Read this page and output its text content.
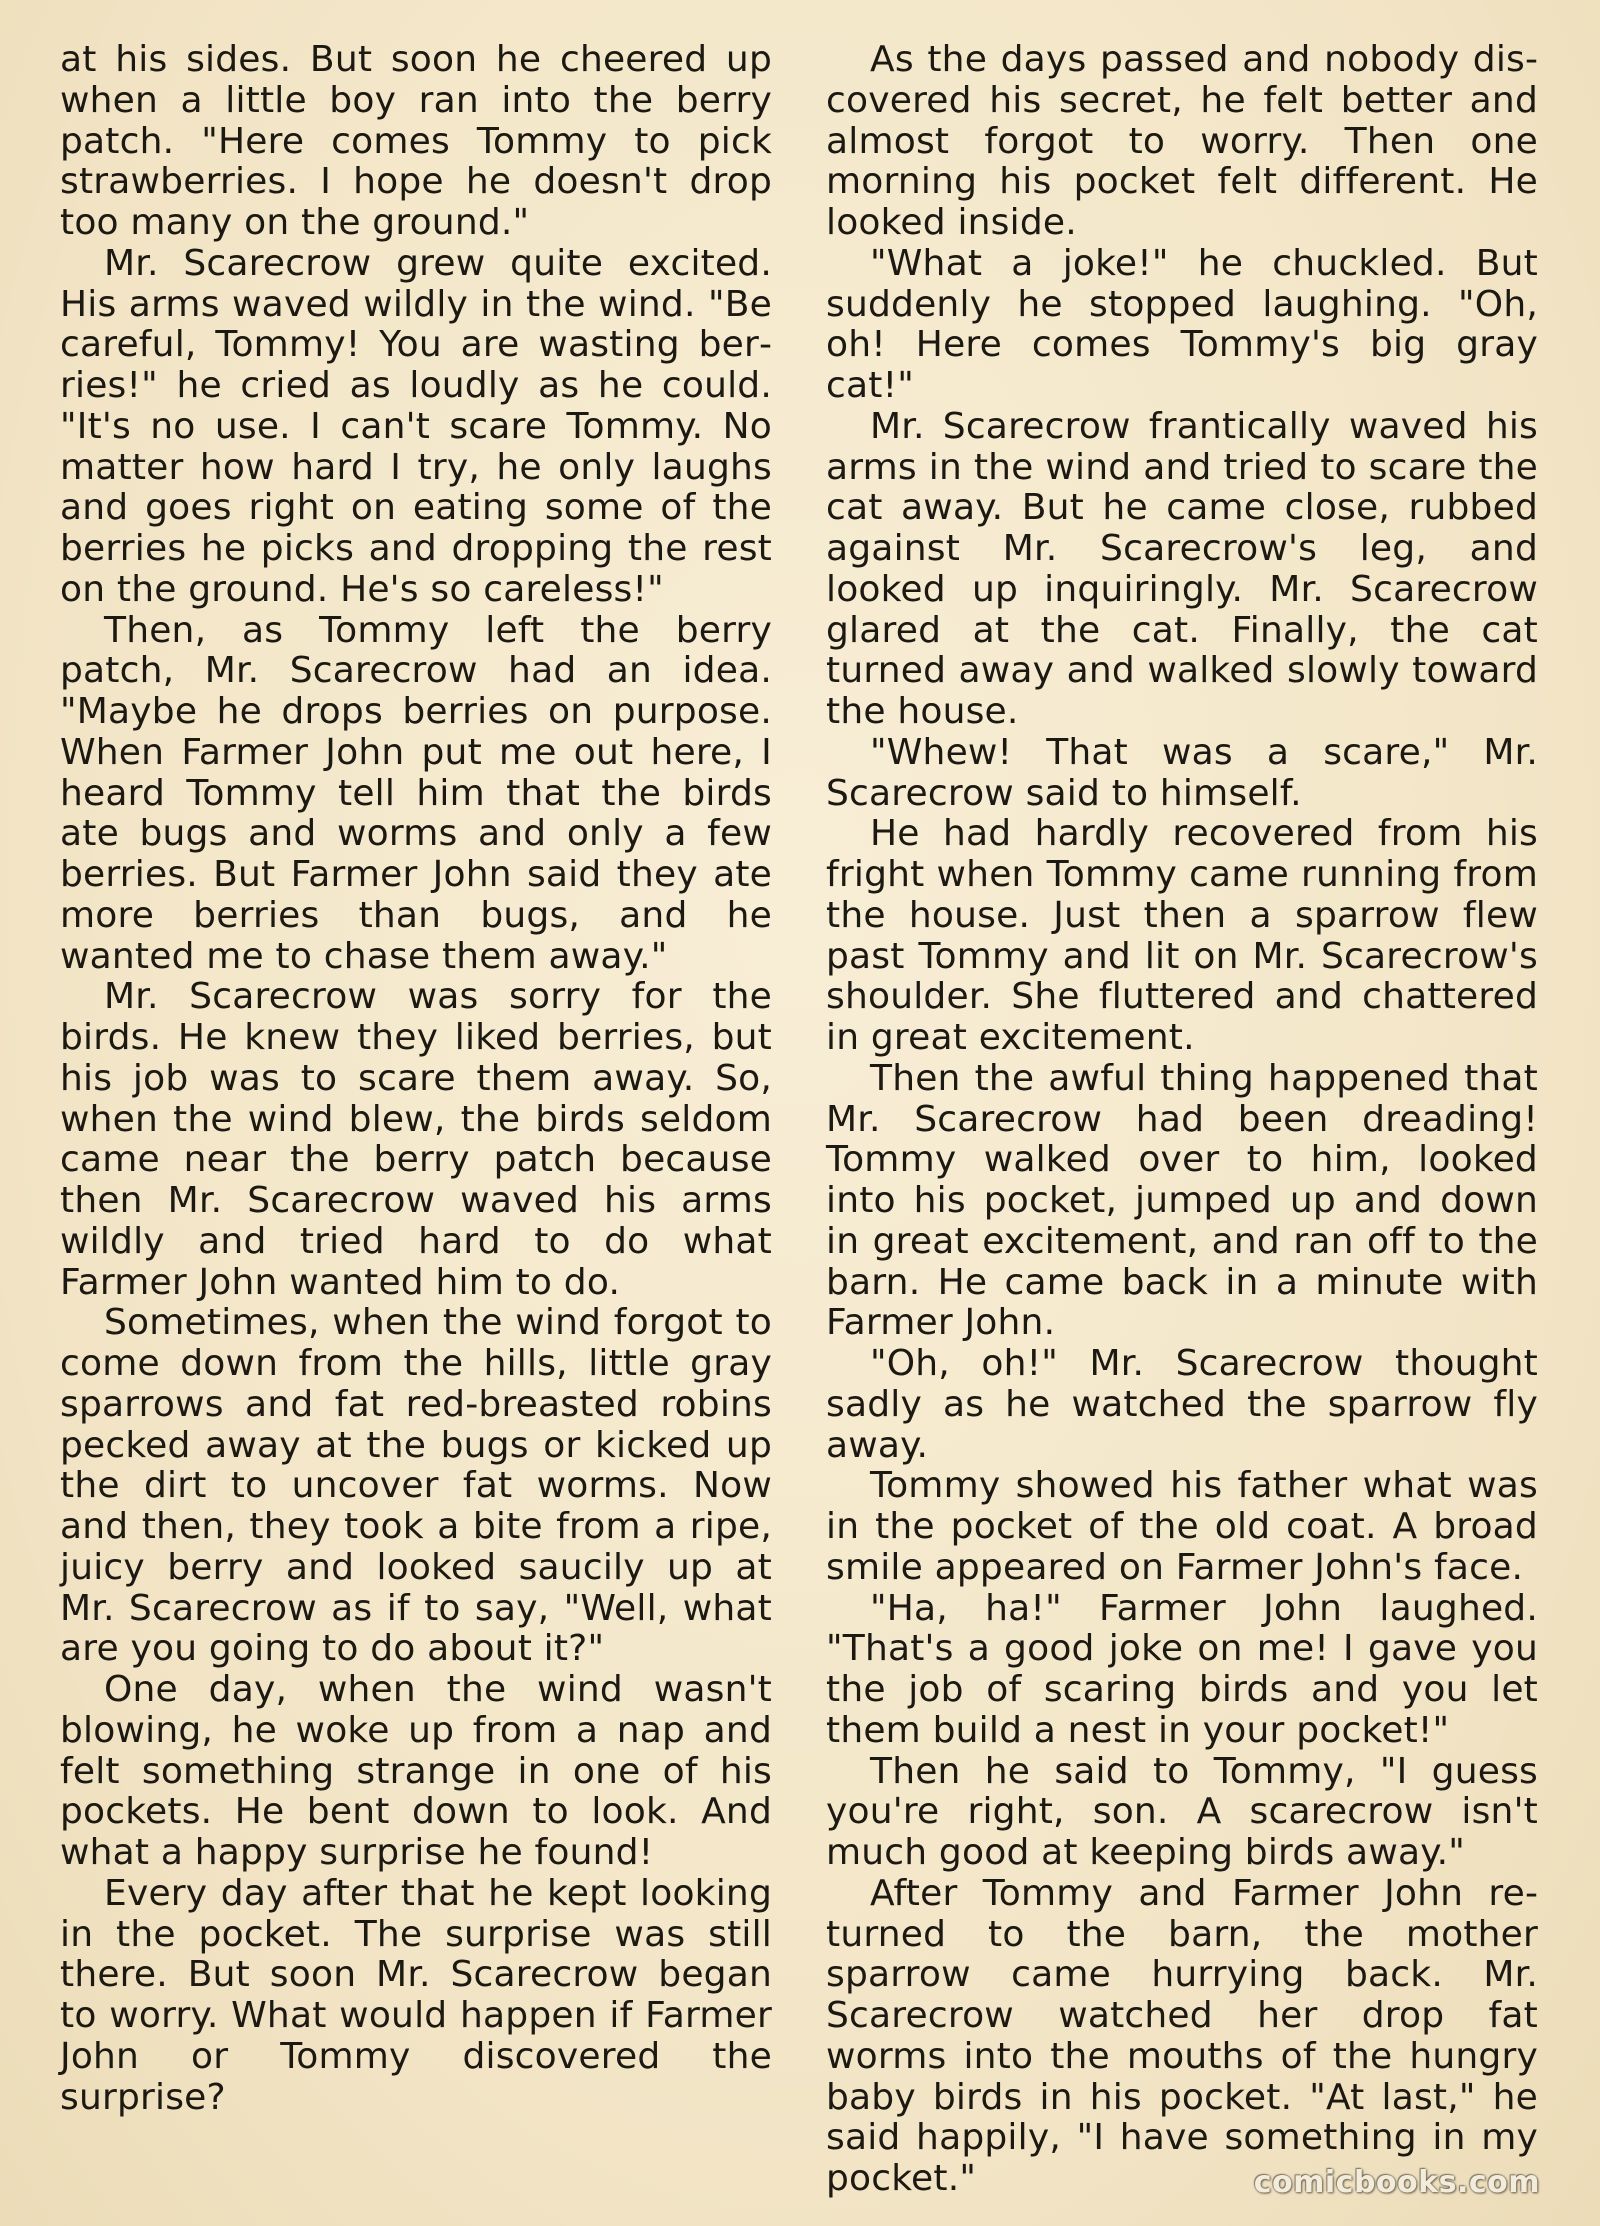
at his sides. But soon he cheered up when a little boy ran into the berry patch. "Here comes Tommy to pick strawberries. I hope he doesn't drop too many on the ground."

Mr. Scarecrow grew quite excited. His arms waved wildly in the wind. "Be careful, Tommy! You are wasting berries!" he cried as loudly as he could. "It's no use. I can't scare Tommy. No matter how hard I try, he only laughs and goes right on eating some of the berries he picks and dropping the rest on the ground. He's so careless!"

Then, as Tommy left the berry patch, Mr. Scarecrow had an idea. "Maybe he drops berries on purpose. When Farmer John put me out here, I heard Tommy tell him that the birds ate bugs and worms and only a few berries. But Farmer John said they ate more berries than bugs, and he wanted me to chase them away."

Mr. Scarecrow was sorry for the birds. He knew they liked berries, but his job was to scare them away. So, when the wind blew, the birds seldom came near the berry patch because then Mr. Scarecrow waved his arms wildly and tried hard to do what Farmer John wanted him to do.

Sometimes, when the wind forgot to come down from the hills, little gray sparrows and fat red-breasted robins pecked away at the bugs or kicked up the dirt to uncover fat worms. Now and then, they took a bite from a ripe, juicy berry and looked saucily up at Mr. Scarecrow as if to say, "Well, what are you going to do about it?"

One day, when the wind wasn't blowing, he woke up from a nap and felt something strange in one of his pockets. He bent down to look. And what a happy surprise he found!

Every day after that he kept looking in the pocket. The surprise was still there. But soon Mr. Scarecrow began to worry. What would happen if Farmer John or Tommy discovered the surprise?

As the days passed and nobody discovered his secret, he felt better and almost forgot to worry. Then one morning his pocket felt different. He looked inside.

"What a joke!" he chuckled. But suddenly he stopped laughing. "Oh, oh! Here comes Tommy's big gray cat!"

Mr. Scarecrow frantically waved his arms in the wind and tried to scare the cat away. But he came close, rubbed against Mr. Scarecrow's leg, and looked up inquiringly. Mr. Scarecrow glared at the cat. Finally, the cat turned away and walked slowly toward the house.

"Whew! That was a scare," Mr. Scarecrow said to himself.

He had hardly recovered from his fright when Tommy came running from the house. Just then a sparrow flew past Tommy and lit on Mr. Scarecrow's shoulder. She fluttered and chattered in great excitement.

Then the awful thing happened that Mr. Scarecrow had been dreading! Tommy walked over to him, looked into his pocket, jumped up and down in great excitement, and ran off to the barn. He came back in a minute with Farmer John.

"Oh, oh!" Mr. Scarecrow thought sadly as he watched the sparrow fly away.

Tommy showed his father what was in the pocket of the old coat. A broad smile appeared on Farmer John's face.

"Ha, ha!" Farmer John laughed. "That's a good joke on me! I gave you the job of scaring birds and you let them build a nest in your pocket!"

Then he said to Tommy, "I guess you're right, son. A scarecrow isn't much good at keeping birds away."

After Tommy and Farmer John returned to the barn, the mother sparrow came hurrying back. Mr. Scarecrow watched her drop fat worms into the mouths of the hungry baby birds in his pocket. "At last," he said happily, "I have something in my pocket."	comicbooks.com
